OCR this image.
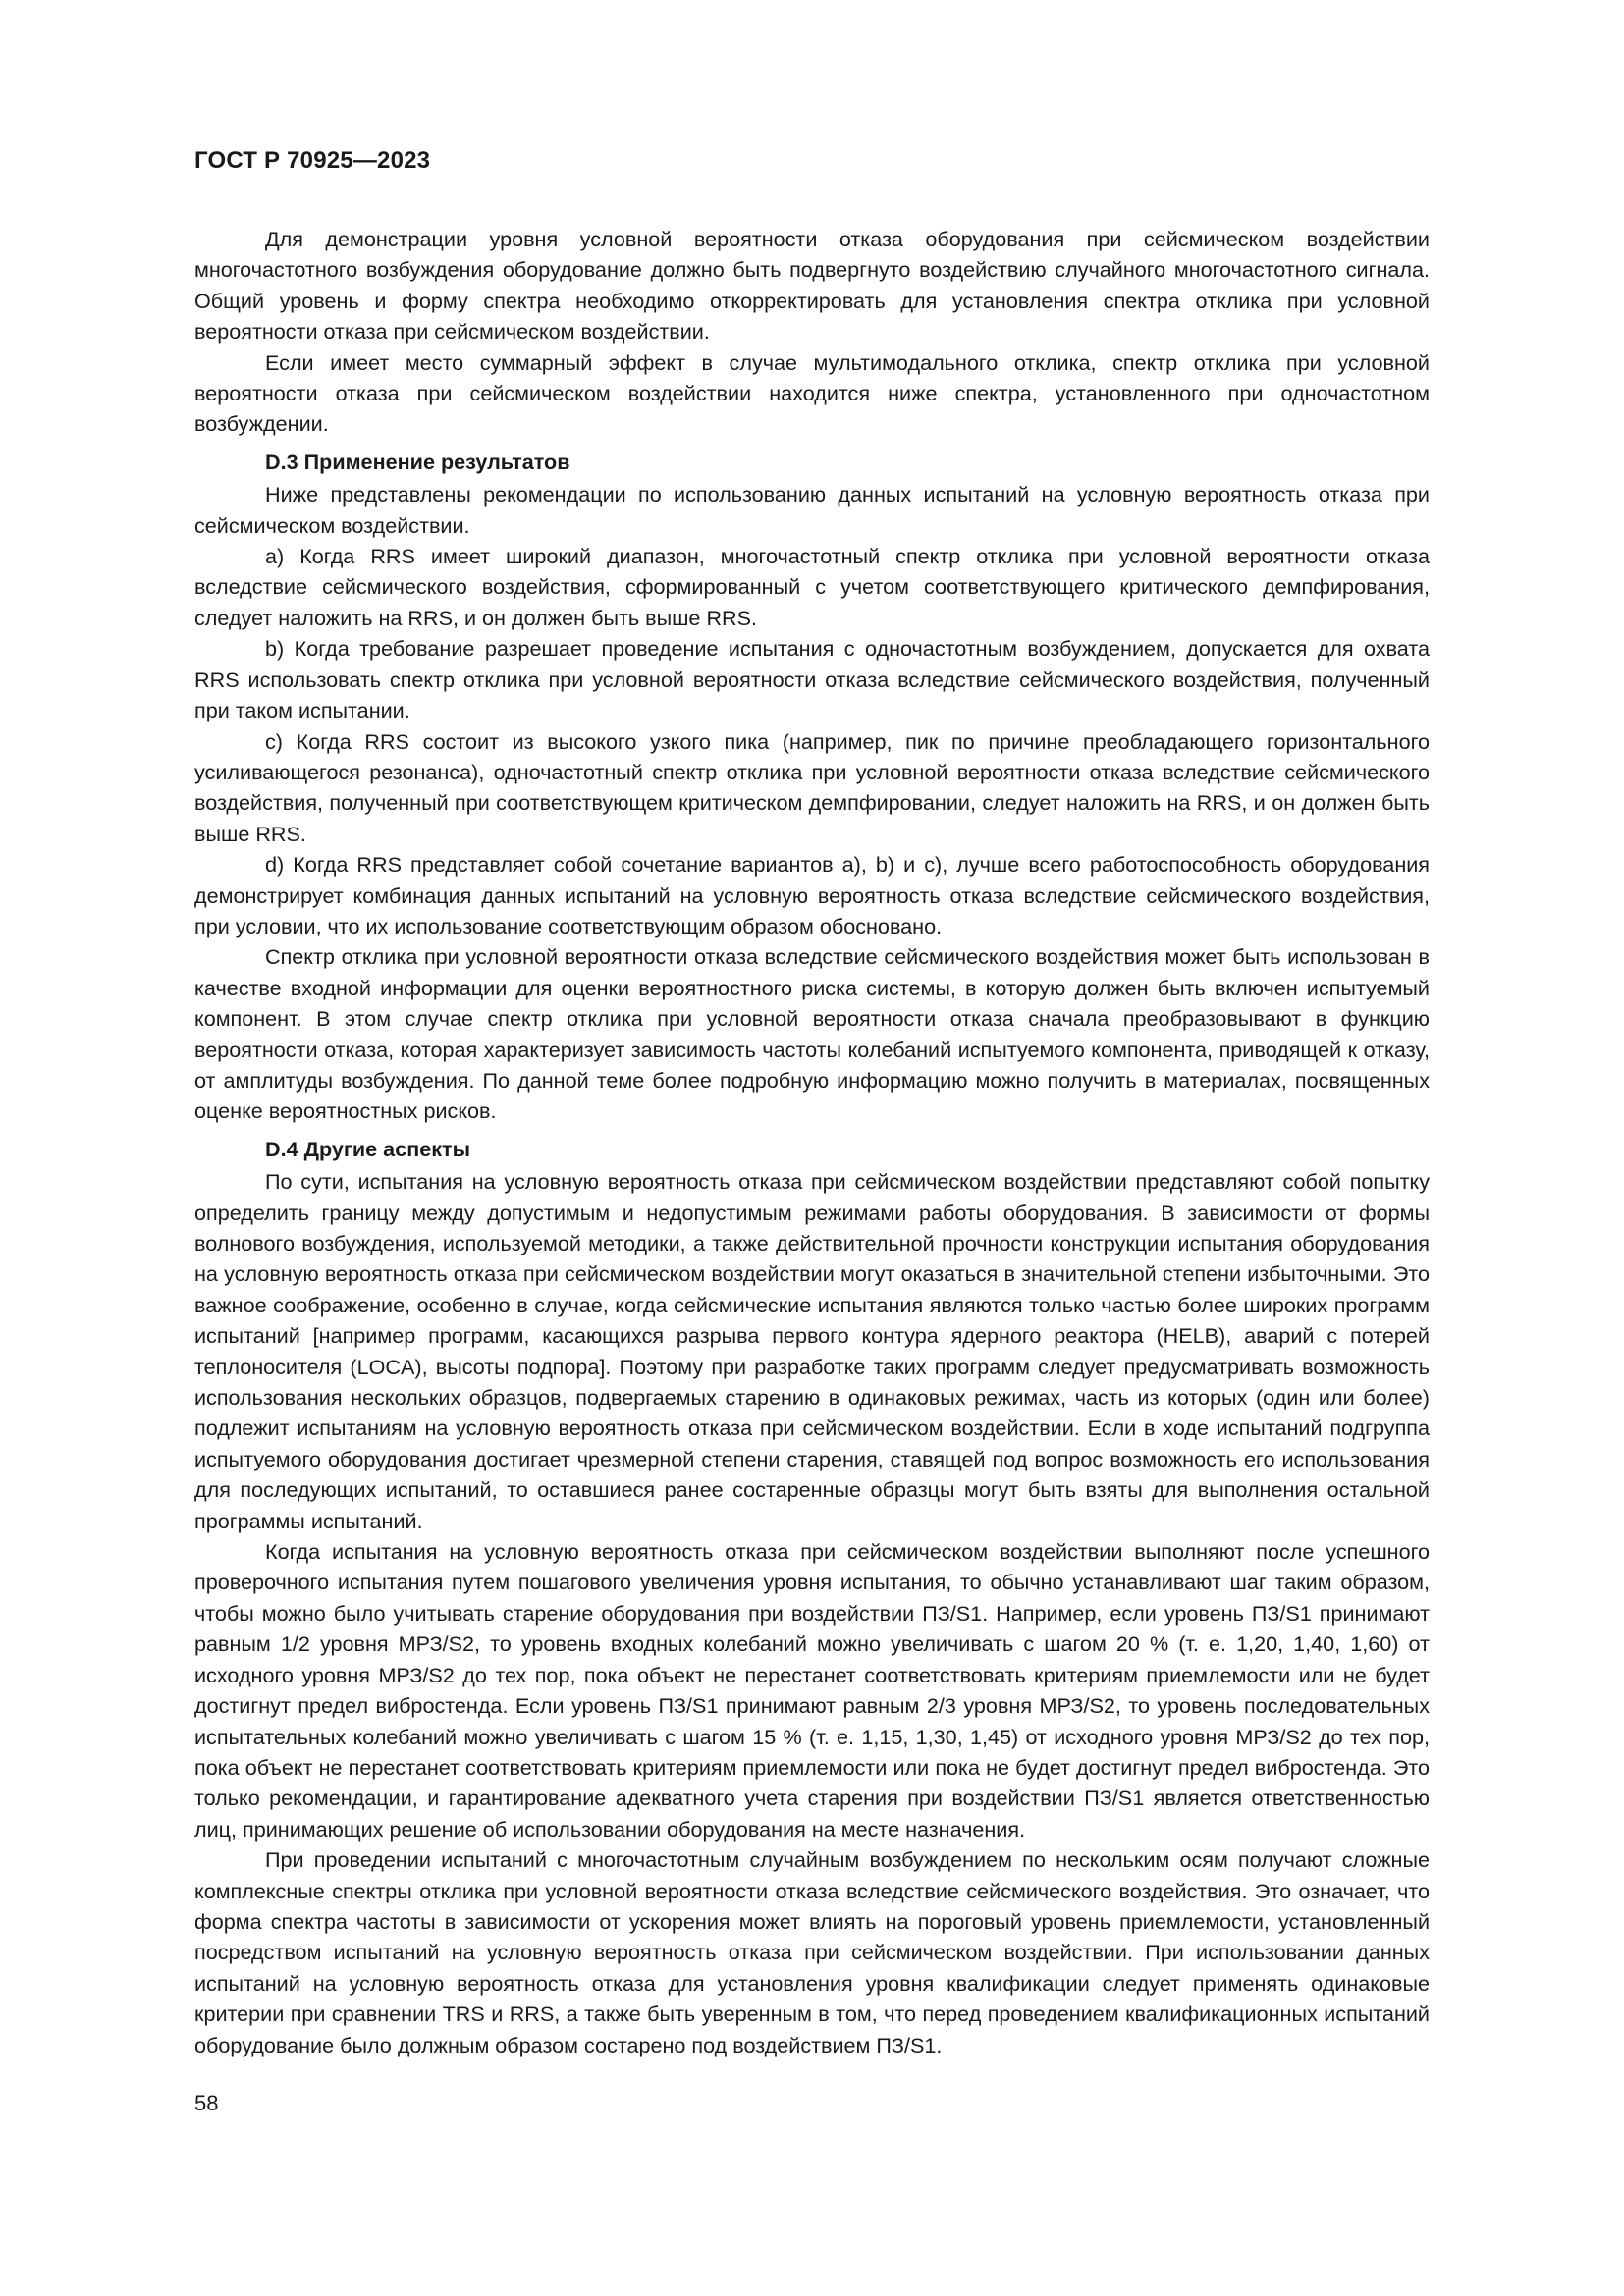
ГОСТ Р 70925—2023

Для демонстрации уровня условной вероятности отказа оборудования при сейсмическом воздействии многочастотного возбуждения оборудование должно быть подвергнуто воздействию случайного многочастотного сигнала. Общий уровень и форму спектра необходимо откорректировать для установления спектра отклика при условной вероятности отказа при сейсмическом воздействии.

Если имеет место суммарный эффект в случае мультимодального отклика, спектр отклика при условной вероятности отказа при сейсмическом воздействии находится ниже спектра, установленного при одночастотном возбуждении.

D.3 Применение результатов

Ниже представлены рекомендации по использованию данных испытаний на условную вероятность отказа при сейсмическом воздействии.

a) Когда RRS имеет широкий диапазон, многочастотный спектр отклика при условной вероятности отказа вследствие сейсмического воздействия, сформированный с учетом соответствующего критического демпфирования, следует наложить на RRS, и он должен быть выше RRS.

b) Когда требование разрешает проведение испытания с одночастотным возбуждением, допускается для охвата RRS использовать спектр отклика при условной вероятности отказа вследствие сейсмического воздействия, полученный при таком испытании.

c) Когда RRS состоит из высокого узкого пика (например, пик по причине преобладающего горизонтального усиливающегося резонанса), одночастотный спектр отклика при условной вероятности отказа вследствие сейсмического воздействия, полученный при соответствующем критическом демпфировании, следует наложить на RRS, и он должен быть выше RRS.

d) Когда RRS представляет собой сочетание вариантов a), b) и c), лучше всего работоспособность оборудования демонстрирует комбинация данных испытаний на условную вероятность отказа вследствие сейсмического воздействия, при условии, что их использование соответствующим образом обосновано.

Спектр отклика при условной вероятности отказа вследствие сейсмического воздействия может быть использован в качестве входной информации для оценки вероятностного риска системы, в которую должен быть включен испытуемый компонент. В этом случае спектр отклика при условной вероятности отказа сначала преобразовывают в функцию вероятности отказа, которая характеризует зависимость частоты колебаний испытуемого компонента, приводящей к отказу, от амплитуды возбуждения. По данной теме более подробную информацию можно получить в материалах, посвященных оценке вероятностных рисков.

D.4 Другие аспекты

По сути, испытания на условную вероятность отказа при сейсмическом воздействии представляют собой попытку определить границу между допустимым и недопустимым режимами работы оборудования. В зависимости от формы волнового возбуждения, используемой методики, а также действительной прочности конструкции испытания оборудования на условную вероятность отказа при сейсмическом воздействии могут оказаться в значительной степени избыточными. Это важное соображение, особенно в случае, когда сейсмические испытания являются только частью более широких программ испытаний [например программ, касающихся разрыва первого контура ядерного реактора (HELB), аварий с потерей теплоносителя (LOCA), высоты подпора]. Поэтому при разработке таких программ следует предусматривать возможность использования нескольких образцов, подвергаемых старению в одинаковых режимах, часть из которых (один или более) подлежит испытаниям на условную вероятность отказа при сейсмическом воздействии. Если в ходе испытаний подгруппа испытуемого оборудования достигает чрезмерной степени старения, ставящей под вопрос возможность его использования для последующих испытаний, то оставшиеся ранее состаренные образцы могут быть взяты для выполнения остальной программы испытаний.

Когда испытания на условную вероятность отказа при сейсмическом воздействии выполняют после успешного проверочного испытания путем пошагового увеличения уровня испытания, то обычно устанавливают шаг таким образом, чтобы можно было учитывать старение оборудования при воздействии ПЗ/S1. Например, если уровень ПЗ/S1 принимают равным 1/2 уровня МРЗ/S2, то уровень входных колебаний можно увеличивать с шагом 20 % (т. е. 1,20, 1,40, 1,60) от исходного уровня МРЗ/S2 до тех пор, пока объект не перестанет соответствовать критериям приемлемости или не будет достигнут предел вибростенда. Если уровень ПЗ/S1 принимают равным 2/3 уровня МРЗ/S2, то уровень последовательных испытательных колебаний можно увеличивать с шагом 15 % (т. е. 1,15, 1,30, 1,45) от исходного уровня МРЗ/S2 до тех пор, пока объект не перестанет соответствовать критериям приемлемости или пока не будет достигнут предел вибростенда. Это только рекомендации, и гарантирование адекватного учета старения при воздействии ПЗ/S1 является ответственностью лиц, принимающих решение об использовании оборудования на месте назначения.

При проведении испытаний с многочастотным случайным возбуждением по нескольким осям получают сложные комплексные спектры отклика при условной вероятности отказа вследствие сейсмического воздействия. Это означает, что форма спектра частоты в зависимости от ускорения может влиять на пороговый уровень приемлемости, установленный посредством испытаний на условную вероятность отказа при сейсмическом воздействии. При использовании данных испытаний на условную вероятность отказа для установления уровня квалификации следует применять одинаковые критерии при сравнении TRS и RRS, а также быть уверенным в том, что перед проведением квалификационных испытаний оборудование было должным образом состарено под воздействием ПЗ/S1.

58
